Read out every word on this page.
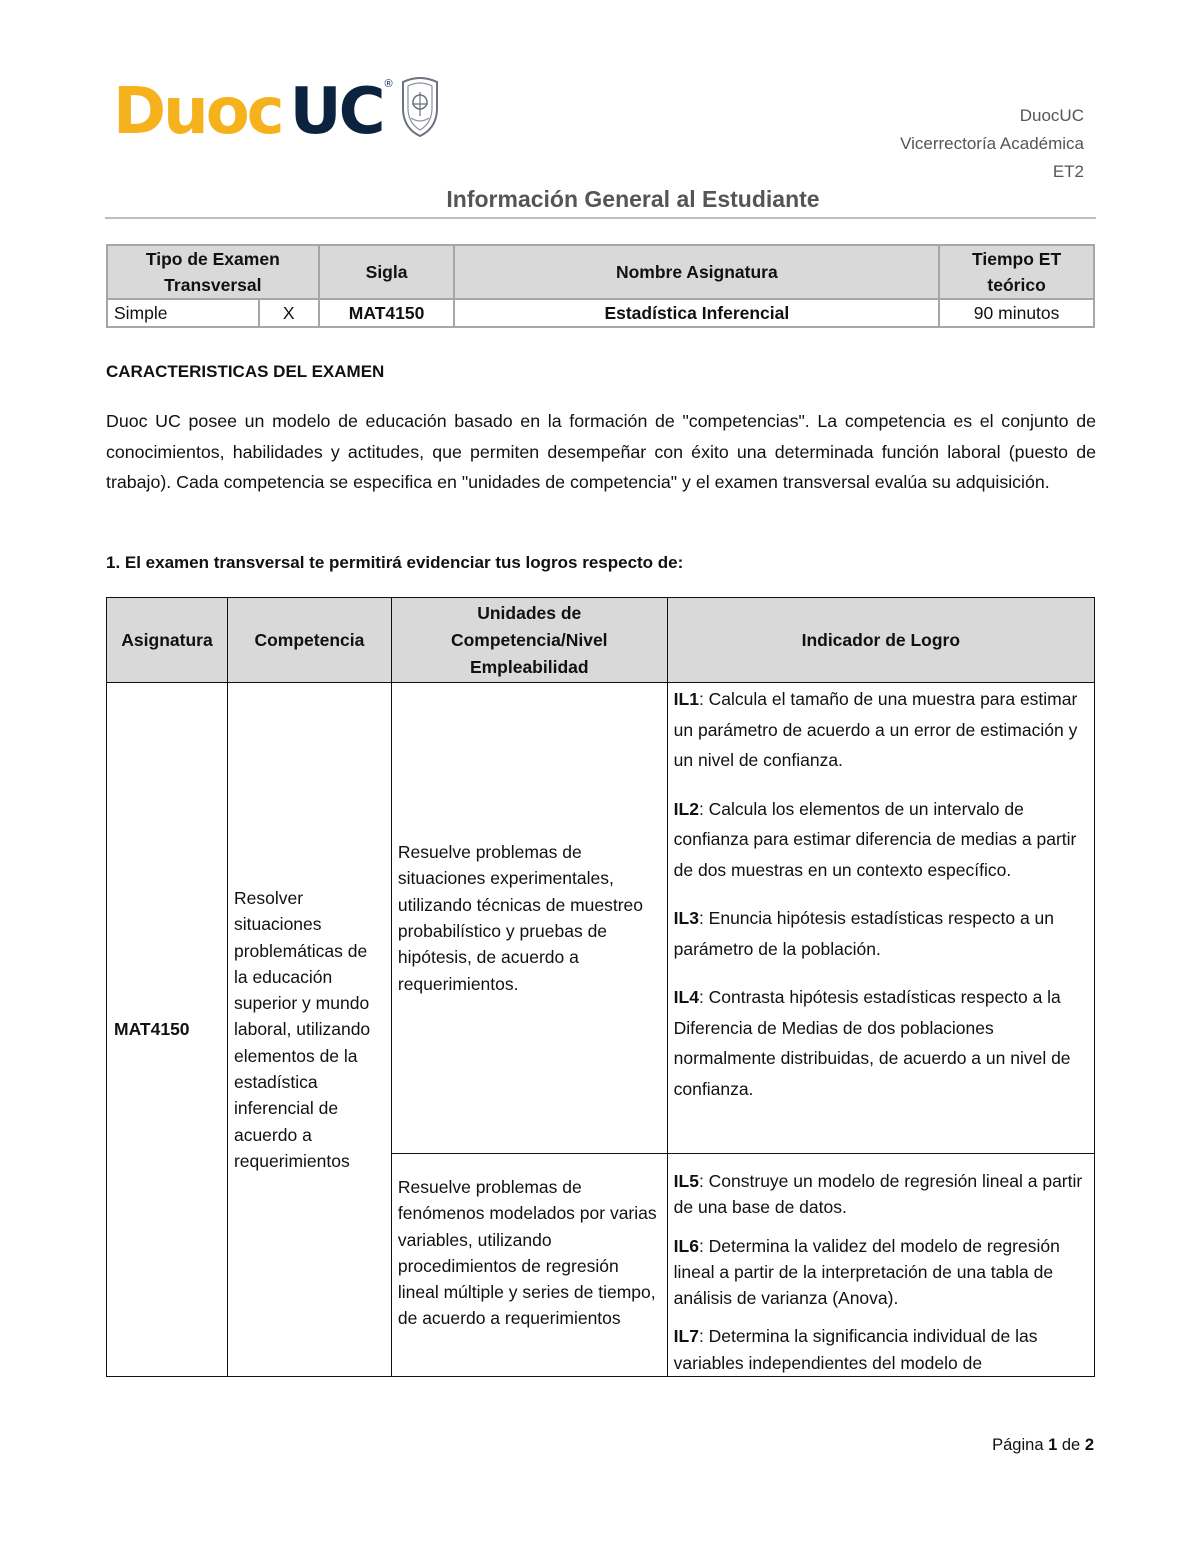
Duoc UC ®
DuocUC
Vicerrectoría Académica
ET2
Información General al Estudiante
Tipo de Examen Transversal		Sigla	Nombre Asignatura	Tiempo ET teórico
Simple	X	MAT4150	Estadística Inferencial	90 minutos
CARACTERISTICAS DEL EXAMEN
Duoc UC posee un modelo de educación basado en la formación de "competencias". La competencia es el conjunto de conocimientos, habilidades y actitudes, que permiten desempeñar con éxito una determinada función laboral (puesto de trabajo). Cada competencia se especifica en "unidades de competencia" y el examen transversal evalúa su adquisición.
1. El examen transversal te permitirá evidenciar tus logros respecto de:
Asignatura	Competencia	Unidades de Competencia/Nivel Empleabilidad	Indicador de Logro
MAT4150	Resolver situaciones problemáticas de la educación superior y mundo laboral, utilizando elementos de la estadística inferencial de acuerdo a requerimientos	Resuelve problemas de situaciones experimentales, utilizando técnicas de muestreo probabilístico y pruebas de hipótesis, de acuerdo a requerimientos.	IL1: Calcula el tamaño de una muestra para estimar un parámetro de acuerdo a un error de estimación y un nivel de confianza.

IL2: Calcula los elementos de un intervalo de confianza para estimar diferencia de medias a partir de dos muestras en un contexto específico.

IL3: Enuncia hipótesis estadísticas respecto a un parámetro de la población.

IL4: Contrasta hipótesis estadísticas respecto a la Diferencia de Medias de dos poblaciones normalmente distribuidas, de acuerdo a un nivel de confianza.

		Resuelve problemas de fenómenos modelados por varias variables, utilizando procedimientos de regresión lineal múltiple y series de tiempo, de acuerdo a requerimientos	IL5: Construye un modelo de regresión lineal a partir de una base de datos.

IL6: Determina la validez del modelo de regresión lineal a partir de la interpretación de una tabla de análisis de varianza (Anova).

IL7: Determina la significancia individual de las variables independientes del modelo de

Página 1 de 2
